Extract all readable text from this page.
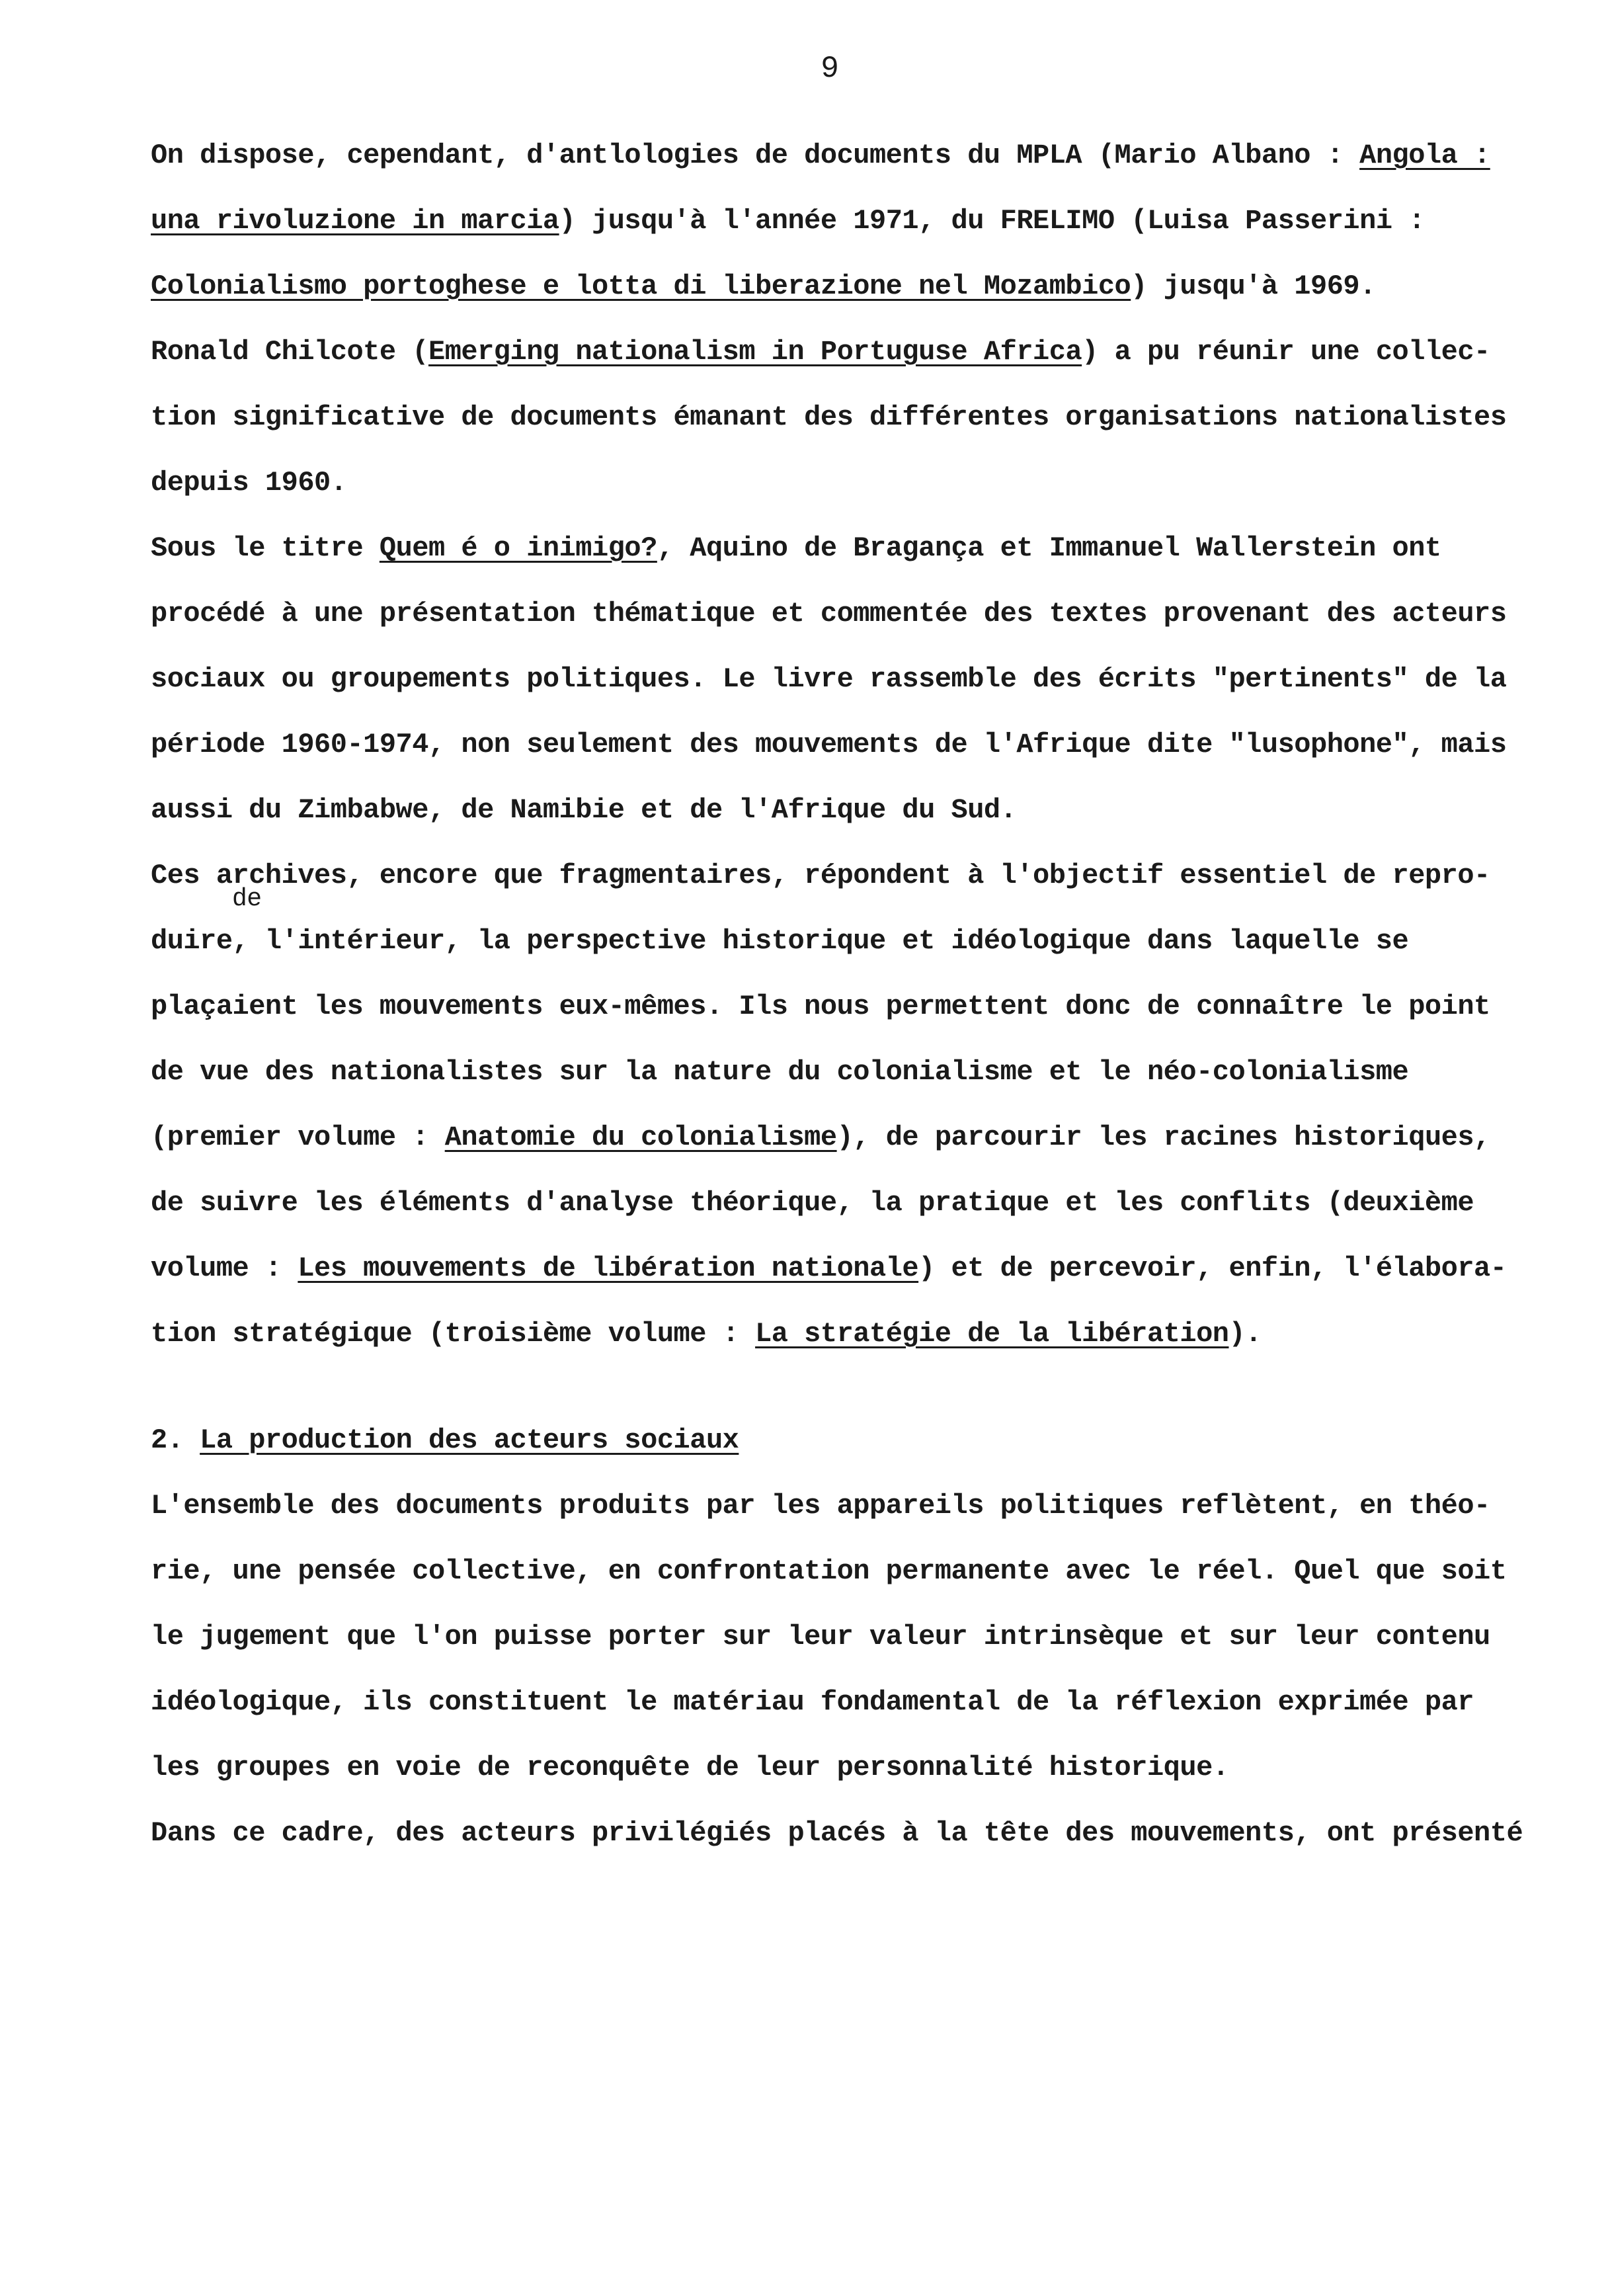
9
On dispose, cependant, d'antlologies de documents du MPLA (Mario Albano : Angola :
una rivoluzione in marcia) jusqu'à l'année 1971, du FRELIMO (Luisa Passerini :
Colonialismo portoghese e lotta di liberazione nel Mozambico) jusqu'à 1969.
Ronald Chilcote (Emerging nationalism in Portuguse Africa) a pu réunir une collec-
tion significative de documents émanant des différentes organisations nationalistes
depuis 1960.
Sous le titre Quem é o inimigo?, Aquino de Bragança et Immanuel Wallerstein ont
procédé à une présentation thématique et commentée des textes provenant des acteurs
sociaux ou groupements politiques. Le livre rassemble des écrits "pertinents" de la
période 1960-1974, non seulement des mouvements de l'Afrique dite "lusophone", mais
aussi du Zimbabwe, de Namibie et de l'Afrique du Sud.
Ces archives, encore que fragmentaires, répondent à l'objectif essentiel de repro-
de
duire, l'intérieur, la perspective historique et idéologique dans laquelle se
plaçaient les mouvements eux-mêmes. Ils nous permettent donc de connaître le point
de vue des nationalistes sur la nature du colonialisme et le néo-colonialisme
(premier volume : Anatomie du colonialisme), de parcourir les racines historiques,
de suivre les éléments d'analyse théorique, la pratique et les conflits (deuxième
volume : Les mouvements de libération nationale) et de percevoir, enfin, l'élabora-
tion stratégique (troisième volume : La stratégie de la libération).
2. La production des acteurs sociaux
L'ensemble des documents produits par les appareils politiques reflètent, en théo-
rie, une pensée collective, en confrontation permanente avec le réel. Quel que soit
le jugement que l'on puisse porter sur leur valeur intrinsèque et sur leur contenu
idéologique, ils constituent le matériau fondamental de la réflexion exprimée par
les groupes en voie de reconquête de leur personnalité historique.
Dans ce cadre, des acteurs privilégiés placés à la tête des mouvements, ont présenté
